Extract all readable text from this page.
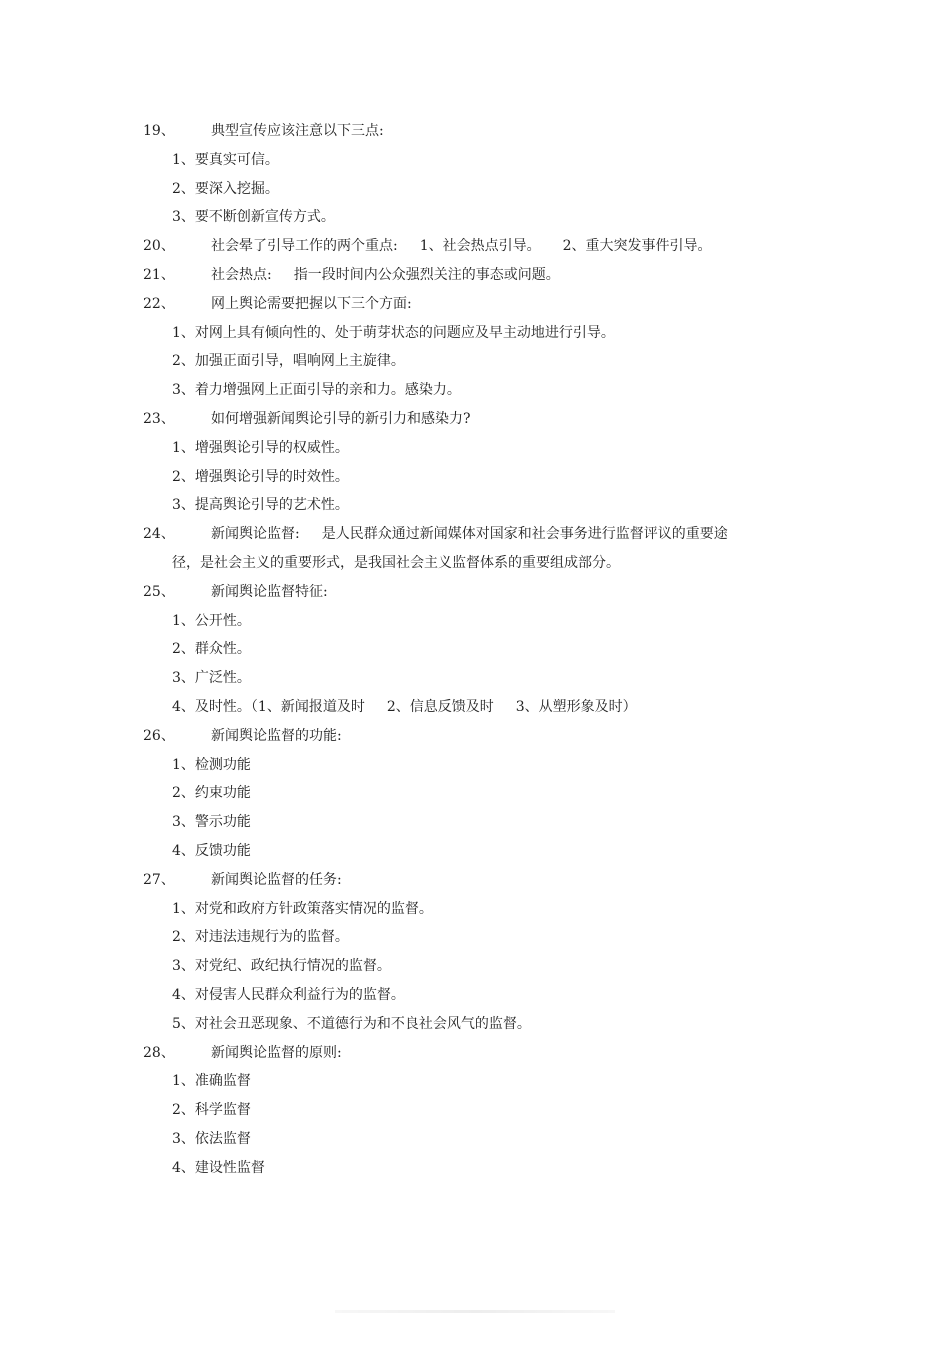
19、	典型宣传应该注意以下三点:
1、要真实可信。
2、要深入挖掘。
3、要不断创新宣传方式。
20、	社会晕了引导工作的两个重点: 1、社会热点引导。 2、重大突发事件引导。
21、	社会热点: 指一段时间内公众强烈关注的事态或问题。
22、	网上舆论需要把握以下三个方面:
1、对网上具有倾向性的、处于萌芽状态的问题应及早主动地进行引导。
2、加强正面引导，唱响网上主旋律。
3、着力增强网上正面引导的亲和力。感染力。
23、	如何增强新闻舆论引导的新引力和感染力?
1、增强舆论引导的权威性。
2、增强舆论引导的时效性。
3、提高舆论引导的艺术性。
24、	新闻舆论监督: 是人民群众通过新闻媒体对国家和社会事务进行监督评议的重要途
径，是社会主义的重要形式，是我国社会主义监督体系的重要组成部分。
25、	新闻舆论监督特征:
1、公开性。
2、群众性。
3、广泛性。
4、及时性。（1、新闻报道及时 2、信息反馈及时 3、从塑形象及时）
26、	新闻舆论监督的功能:
1、检测功能
2、约束功能
3、警示功能
4、反馈功能
27、	新闻舆论监督的任务:
1、对党和政府方针政策落实情况的监督。
2、对违法违规行为的监督。
3、对党纪、政纪执行情况的监督。
4、对侵害人民群众利益行为的监督。
5、对社会丑恶现象、不道德行为和不良社会风气的监督。
28、	新闻舆论监督的原则:
1、准确监督
2、科学监督
3、依法监督
4、建设性监督
